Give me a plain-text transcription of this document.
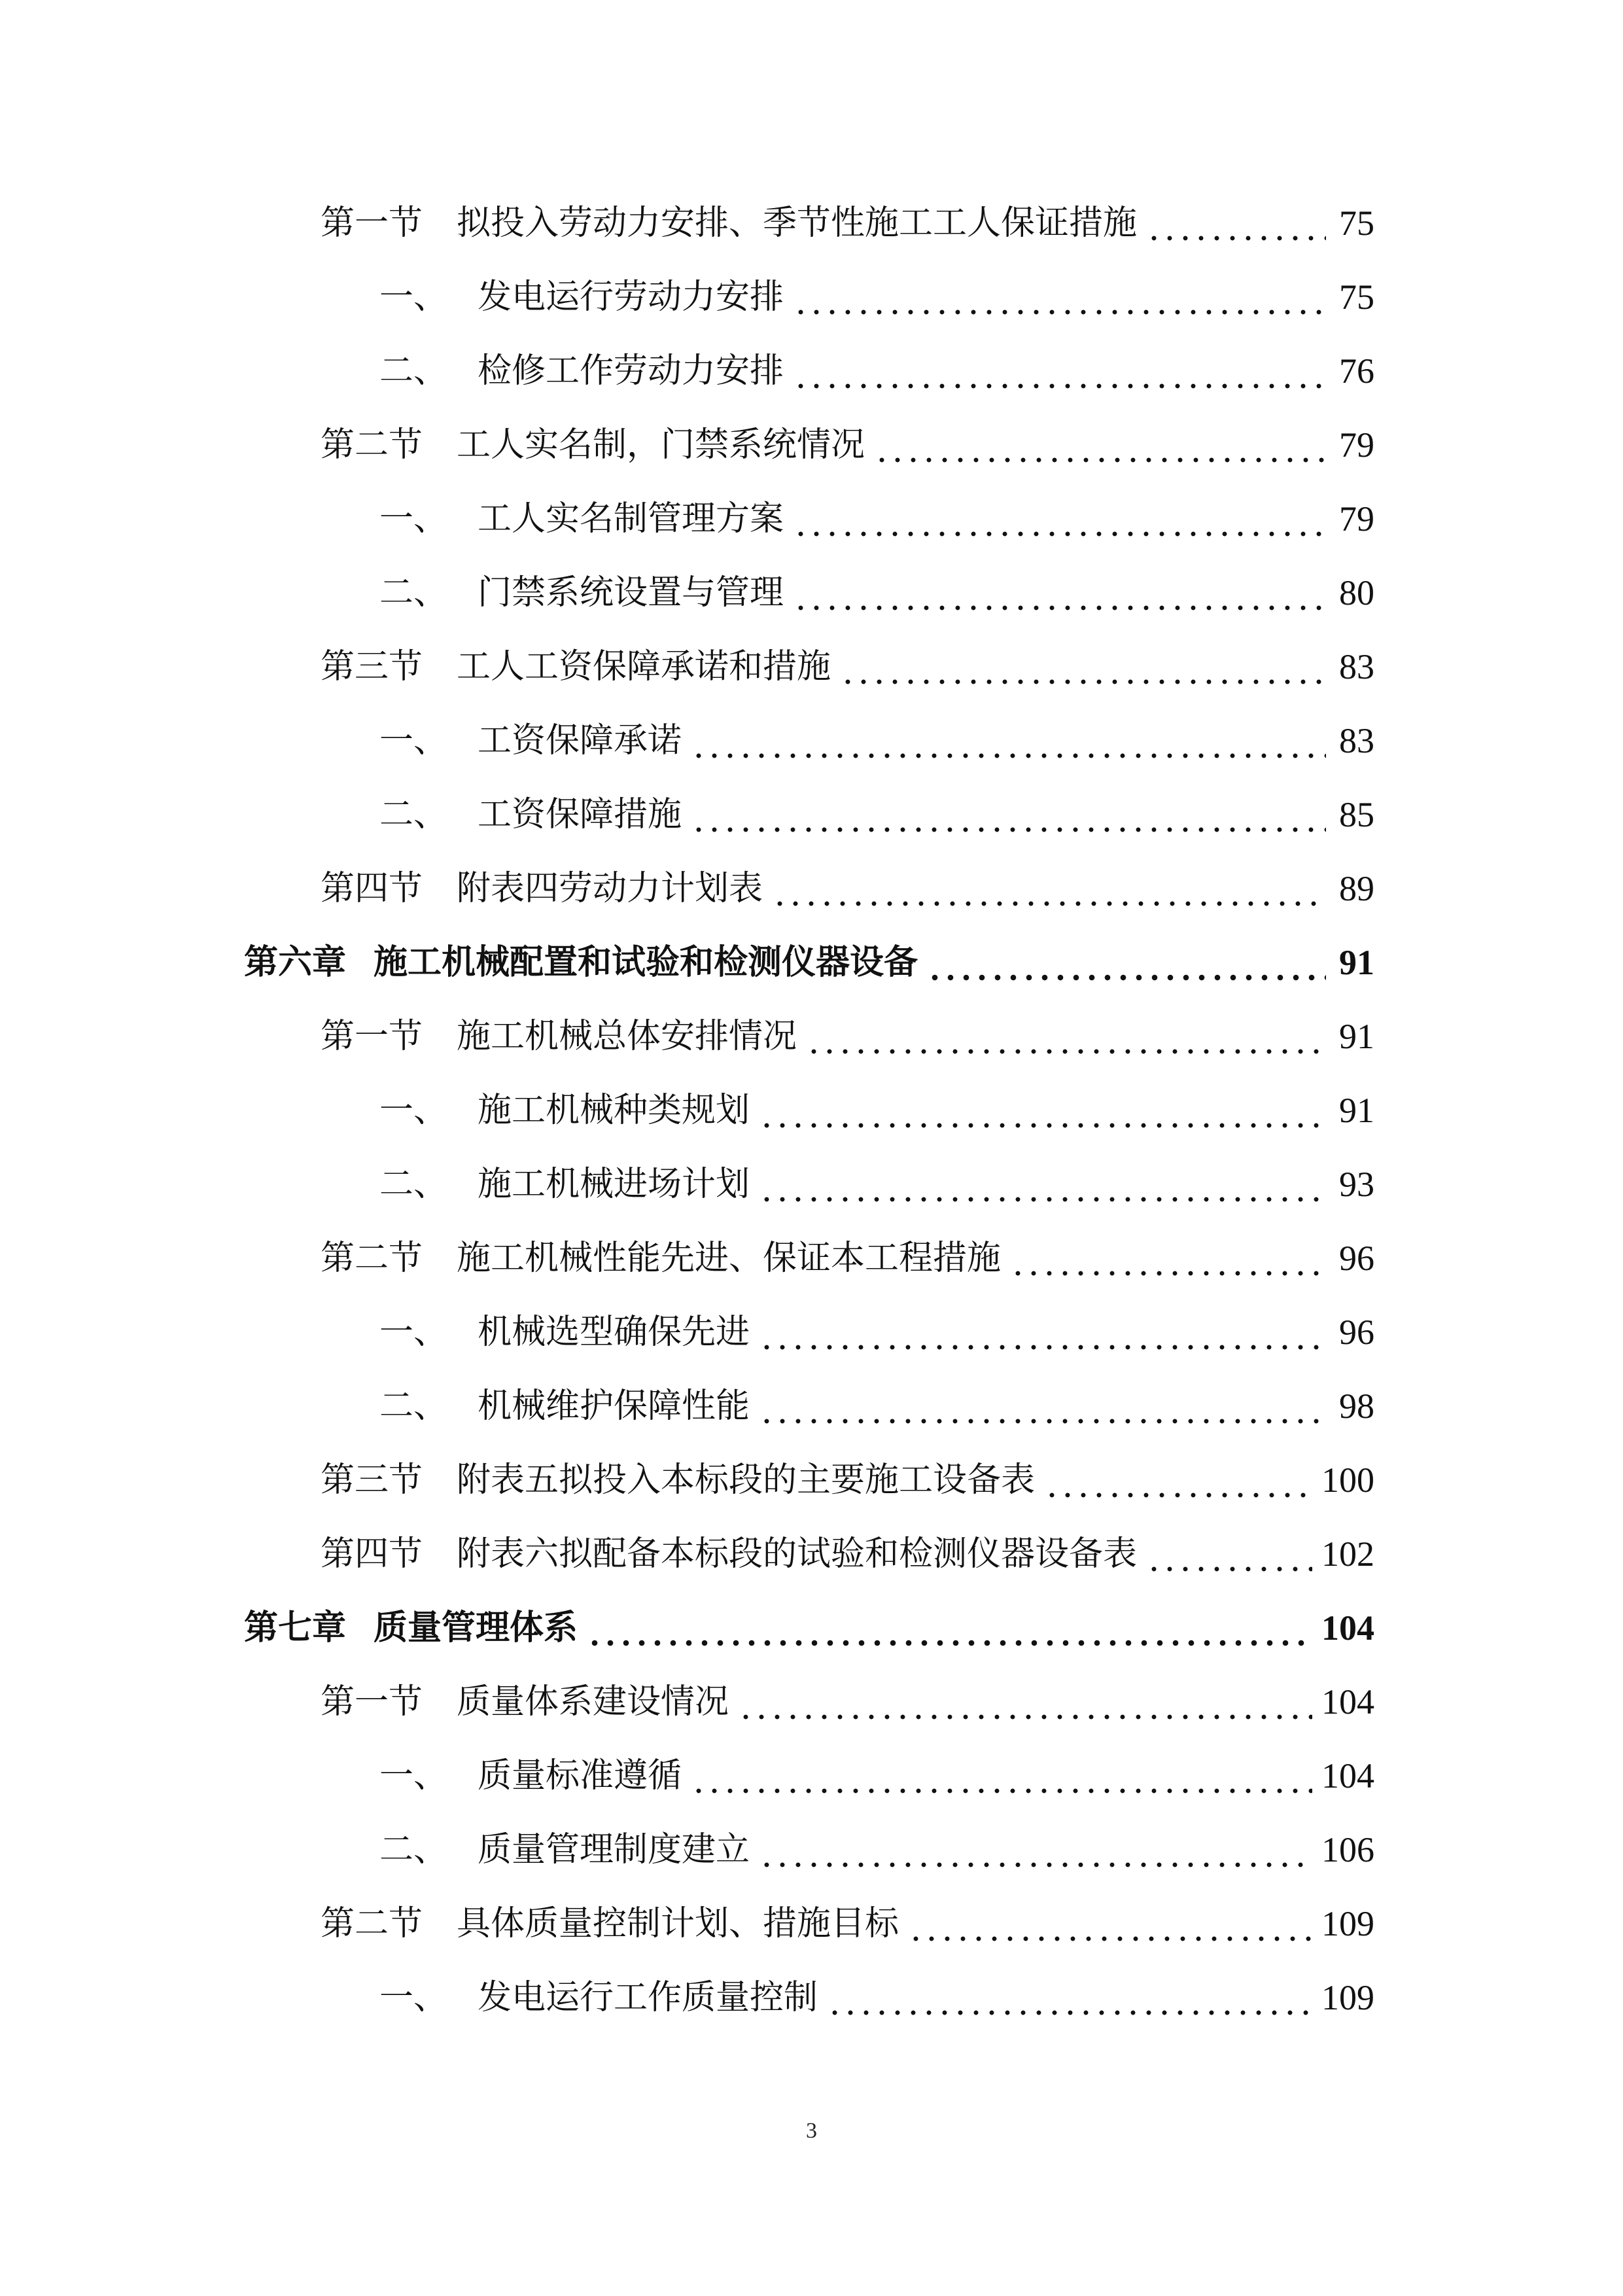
第一节 拟投入劳动力安排、季节性施工工人保证措施	75
一、 发电运行劳动力安排	75
二、 检修工作劳动力安排	76
第二节 工人实名制，门禁系统情况	79
一、 工人实名制管理方案	79
二、 门禁系统设置与管理	80
第三节 工人工资保障承诺和措施	83
一、 工资保障承诺	83
二、 工资保障措施	85
第四节 附表四劳动力计划表	89
第六章 施工机械配置和试验和检测仪器设备	91
第一节 施工机械总体安排情况	91
一、 施工机械种类规划	91
二、 施工机械进场计划	93
第二节 施工机械性能先进、保证本工程措施	96
一、 机械选型确保先进	96
二、 机械维护保障性能	98
第三节 附表五拟投入本标段的主要施工设备表	100
第四节 附表六拟配备本标段的试验和检测仪器设备表	102
第七章 质量管理体系	104
第一节 质量体系建设情况	104
一、 质量标准遵循	104
二、 质量管理制度建立	106
第二节 具体质量控制计划、措施目标	109
一、 发电运行工作质量控制	109
3
